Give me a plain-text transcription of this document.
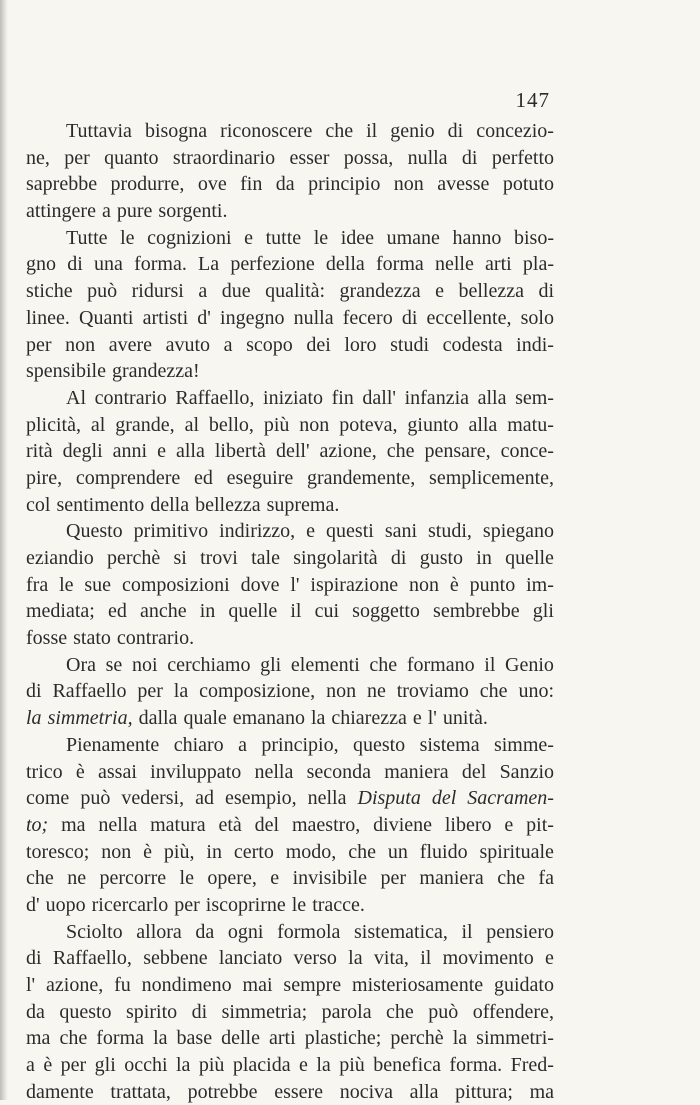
147
Tuttavia bisogna riconoscere che il genio di concezio-
ne, per quanto straordinario esser possa, nulla di perfetto
saprebbe produrre, ove fin da principio non avesse potuto
attingere a pure sorgenti.
Tutte le cognizioni e tutte le idee umane hanno biso-
gno di una forma. La perfezione della forma nelle arti pla-
stiche può ridursi a due qualità: grandezza e bellezza di
linee. Quanti artisti d' ingegno nulla fecero di eccellente, solo
per non avere avuto a scopo dei loro studi codesta indi-
spensibile grandezza!
Al contrario Raffaello, iniziato fin dall' infanzia alla sem-
plicità, al grande, al bello, più non poteva, giunto alla matu-
rità degli anni e alla libertà dell' azione, che pensare, conce-
pire, comprendere ed eseguire grandemente, semplicemente,
col sentimento della bellezza suprema.
Questo primitivo indirizzo, e questi sani studi, spiegano
eziandio perchè si trovi tale singolarità di gusto in quelle
fra le sue composizioni dove l' ispirazione non è punto im-
mediata; ed anche in quelle il cui soggetto sembrebbe gli
fosse stato contrario.
Ora se noi cerchiamo gli elementi che formano il Genio
di Raffaello per la composizione, non ne troviamo che uno:
la simmetria, dalla quale emanano la chiarezza e l' unità.
Pienamente chiaro a principio, questo sistema simme-
trico è assai inviluppato nella seconda maniera del Sanzio
come può vedersi, ad esempio, nella Disputa del Sacramen-
to; ma nella matura età del maestro, diviene libero e pit-
toresco; non è più, in certo modo, che un fluido spirituale
che ne percorre le opere, e invisibile per maniera che fa
d' uopo ricercarlo per iscoprirne le tracce.
Sciolto allora da ogni formola sistematica, il pensiero
di Raffaello, sebbene lanciato verso la vita, il movimento e
l' azione, fu nondimeno mai sempre misteriosamente guidato
da questo spirito di simmetria; parola che può offendere,
ma che forma la base delle arti plastiche; perchè la simmetri-
a è per gli occhi la più placida e la più benefica forma. Fred-
damente trattata, potrebbe essere nociva alla pittura; ma
